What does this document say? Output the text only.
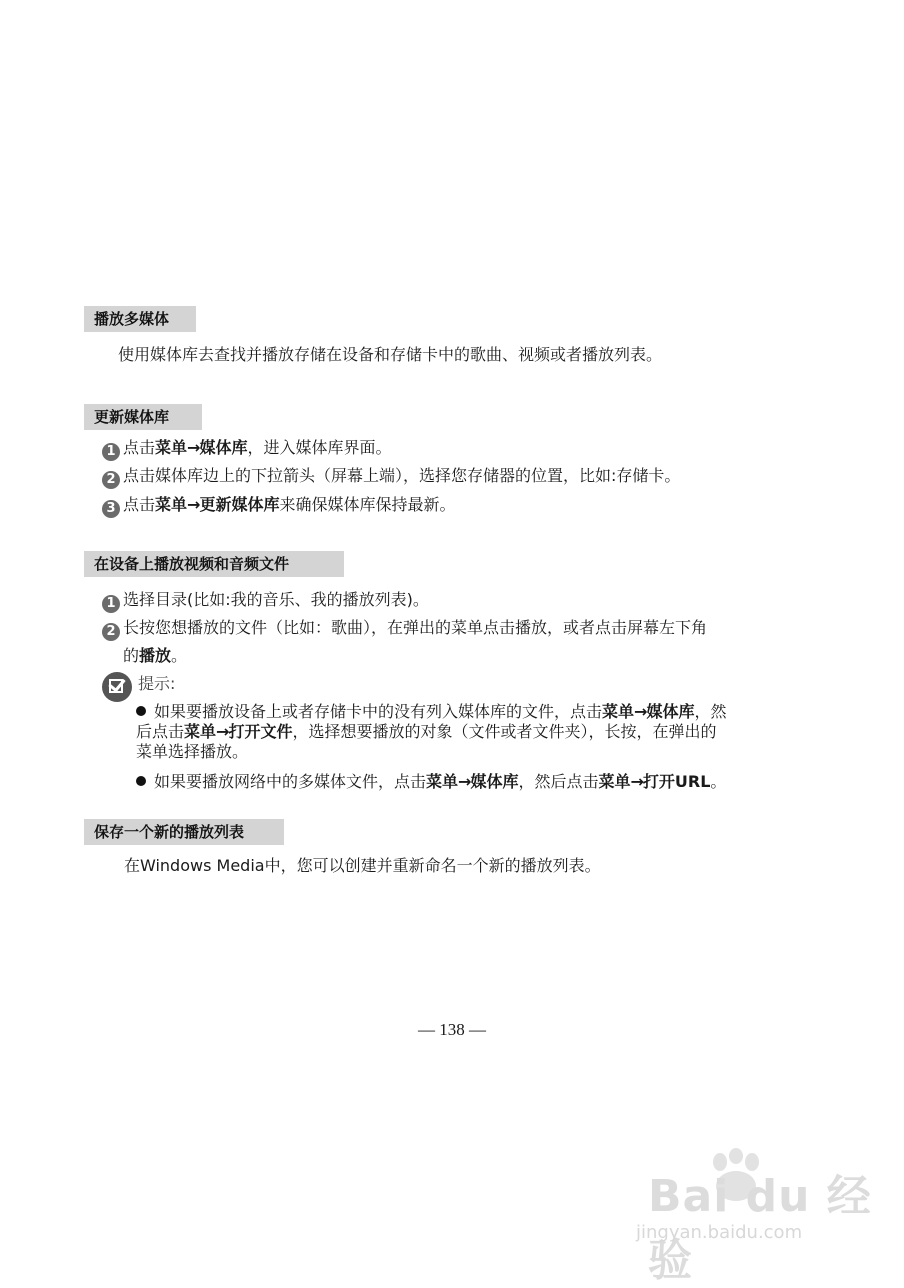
播放多媒体
使用媒体库去查找并播放存储在设备和存储卡中的歌曲、视频或者播放列表。
更新媒体库
1 点击菜单→媒体库，进入媒体库界面。
2 点击媒体库边上的下拉箭头（屏幕上端），选择您存储器的位置，比如:存储卡。
3 点击菜单→更新媒体库来确保媒体库保持最新。
在设备上播放视频和音频文件
1 选择目录(比如:我的音乐、我的播放列表)。
2 长按您想播放的文件（比如：歌曲），在弹出的菜单点击播放，或者点击屏幕左下角
的播放。
提示:
如果要播放设备上或者存储卡中的没有列入媒体库的文件，点击菜单→媒体库，然
后点击菜单→打开文件，选择想要播放的对象（文件或者文件夹），长按，在弹出的
菜单选择播放。
如果要播放网络中的多媒体文件，点击菜单→媒体库，然后点击菜单→打开URL。
保存一个新的播放列表
在Windows Media中，您可以创建并重新命名一个新的播放列表。
— 138 —
Bai du 经验
jingyan.baidu.com
